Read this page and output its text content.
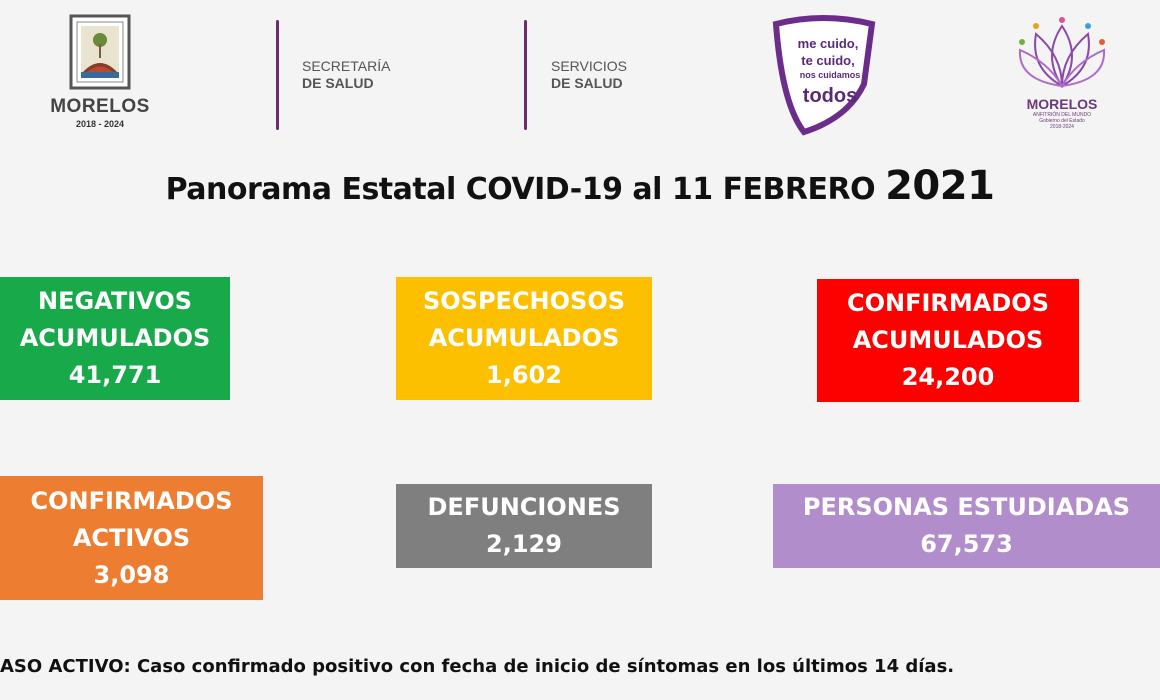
MORELOS
2018 - 2024
SECRETARÍA
DE SALUD
SERVICIOS
DE SALUD
me cuido,
te cuido,
nos cuidamos
todos	MORELOS
ANFITRIÓN DEL MUNDO
Gobierno del Estado
2018-2024
Panorama Estatal COVID-19 al 11 FEBRERO 2021
NEGATIVOS
ACUMULADOS
41,771
SOSPECHOSOS
ACUMULADOS
1,602
CONFIRMADOS
ACUMULADOS
24,200
CONFIRMADOS
ACTIVOS
3,098
DEFUNCIONES
2,129
PERSONAS ESTUDIADAS
67,573
ASO ACTIVO: Caso confirmado positivo con fecha de inicio de síntomas en los últimos 14 días.
